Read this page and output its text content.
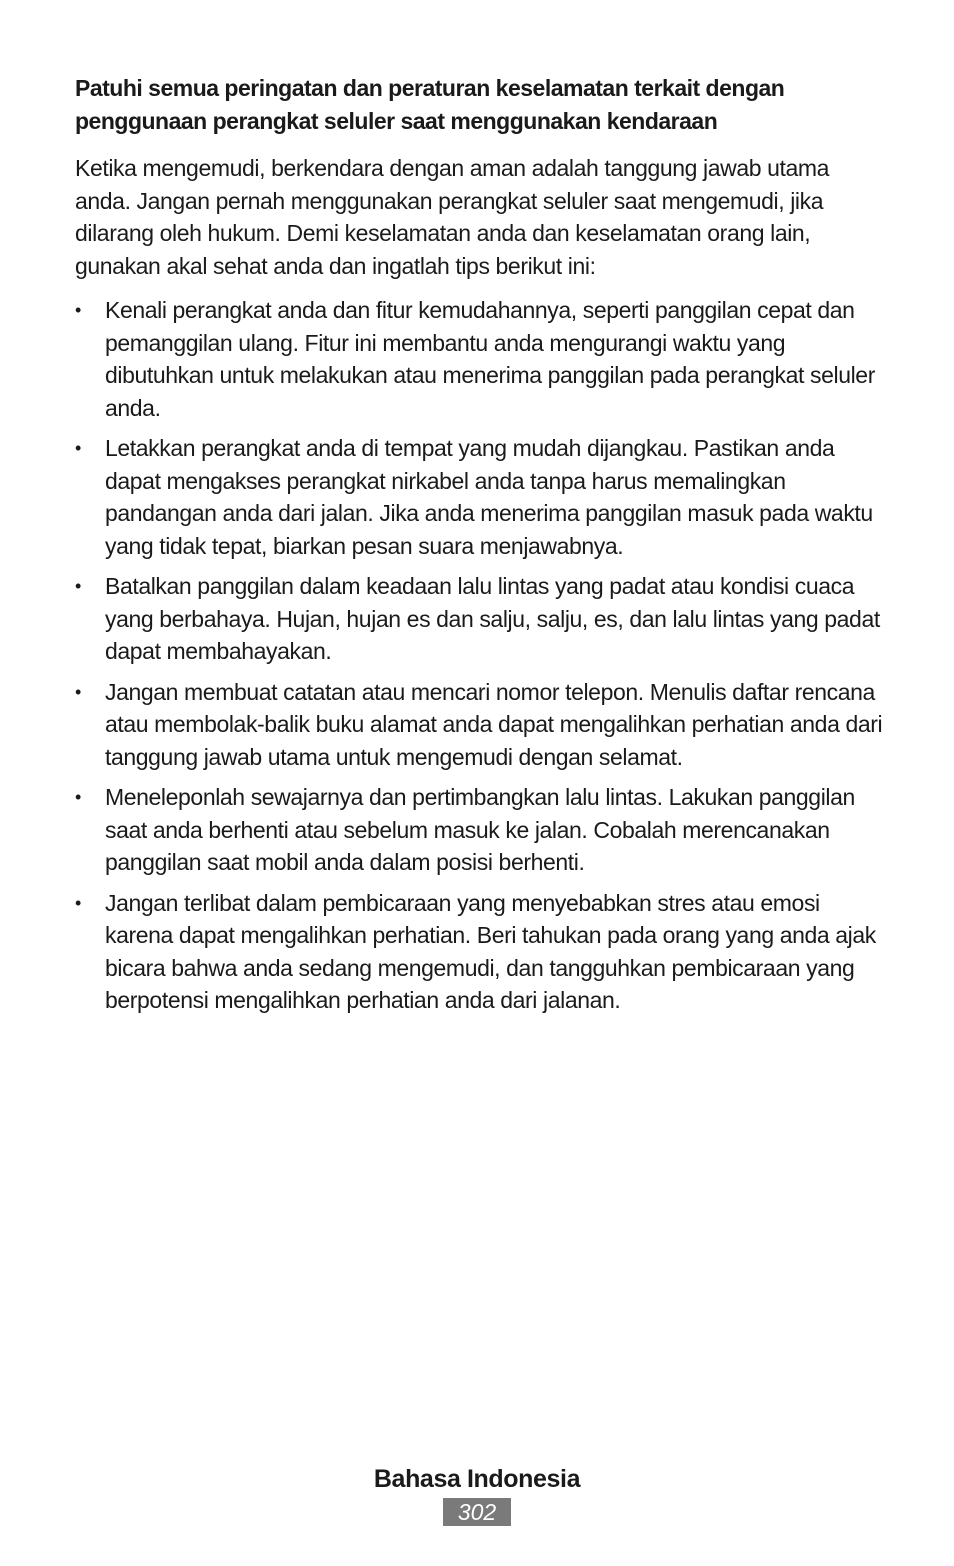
Patuhi semua peringatan dan peraturan keselamatan terkait dengan penggunaan perangkat seluler saat menggunakan kendaraan
Ketika mengemudi, berkendara dengan aman adalah tanggung jawab utama anda. Jangan pernah menggunakan perangkat seluler saat mengemudi, jika dilarang oleh hukum. Demi keselamatan anda dan keselamatan orang lain, gunakan akal sehat anda dan ingatlah tips berikut ini:
•	Kenali perangkat anda dan fitur kemudahannya, seperti panggilan cepat dan pemanggilan ulang. Fitur ini membantu anda mengurangi waktu yang dibutuhkan untuk melakukan atau menerima panggilan pada perangkat seluler anda.
•	Letakkan perangkat anda di tempat yang mudah dijangkau. Pastikan anda dapat mengakses perangkat nirkabel anda tanpa harus memalingkan pandangan anda dari jalan. Jika anda menerima panggilan masuk pada waktu yang tidak tepat, biarkan pesan suara menjawabnya.
•	Batalkan panggilan dalam keadaan lalu lintas yang padat atau kondisi cuaca yang berbahaya. Hujan, hujan es dan salju, salju, es, dan lalu lintas yang padat dapat membahayakan.
•	Jangan membuat catatan atau mencari nomor telepon. Menulis daftar rencana atau membolak-balik buku alamat anda dapat mengalihkan perhatian anda dari tanggung jawab utama untuk mengemudi dengan selamat.
•	Meneleponlah sewajarnya dan pertimbangkan lalu lintas. Lakukan panggilan saat anda berhenti atau sebelum masuk ke jalan. Cobalah merencanakan panggilan saat mobil anda dalam posisi berhenti.
•	Jangan terlibat dalam pembicaraan yang menyebabkan stres atau emosi karena dapat mengalihkan perhatian. Beri tahukan pada orang yang anda ajak bicara bahwa anda sedang mengemudi, dan tangguhkan pembicaraan yang berpotensi mengalihkan perhatian anda dari jalanan.
Bahasa Indonesia
302
